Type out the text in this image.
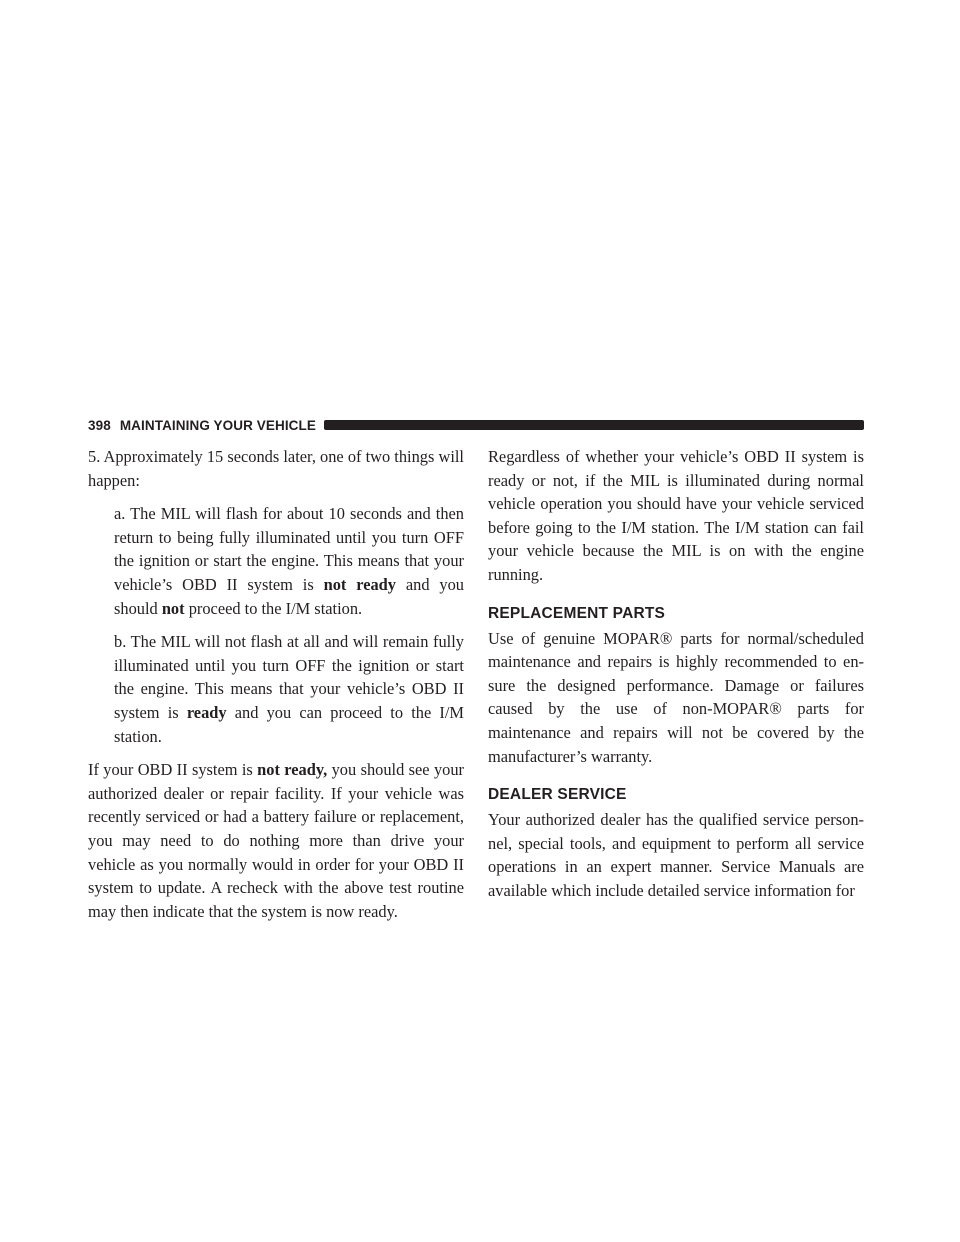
398 MAINTAINING YOUR VEHICLE

5. Approximately 15 seconds later, one of two things will happen:

a. The MIL will flash for about 10 seconds and then return to being fully illuminated until you turn OFF the ignition or start the engine. This means that your vehicle’s OBD II system is not ready and you should not proceed to the I/M station.

b. The MIL will not flash at all and will remain fully illuminated until you turn OFF the ignition or start the engine. This means that your vehicle’s OBD II system is ready and you can proceed to the I/M station.

If your OBD II system is not ready, you should see your authorized dealer or repair facility. If your vehicle was recently serviced or had a battery failure or replacement, you may need to do nothing more than drive your vehicle as you normally would in order for your OBD II system to update. A recheck with the above test routine may then indicate that the system is now ready.

Regardless of whether your vehicle’s OBD II system is ready or not, if the MIL is illuminated during normal vehicle operation you should have your vehicle serviced before going to the I/M station. The I/M station can fail your vehicle because the MIL is on with the engine running.

REPLACEMENT PARTS

Use of genuine MOPAR® parts for normal/scheduled maintenance and repairs is highly recommended to en- sure the designed performance. Damage or failures caused by the use of non-MOPAR® parts for maintenance and repairs will not be covered by the manufacturer’s warranty.

DEALER SERVICE

Your authorized dealer has the qualified service person- nel, special tools, and equipment to perform all service operations in an expert manner. Service Manuals are available which include detailed service information for
